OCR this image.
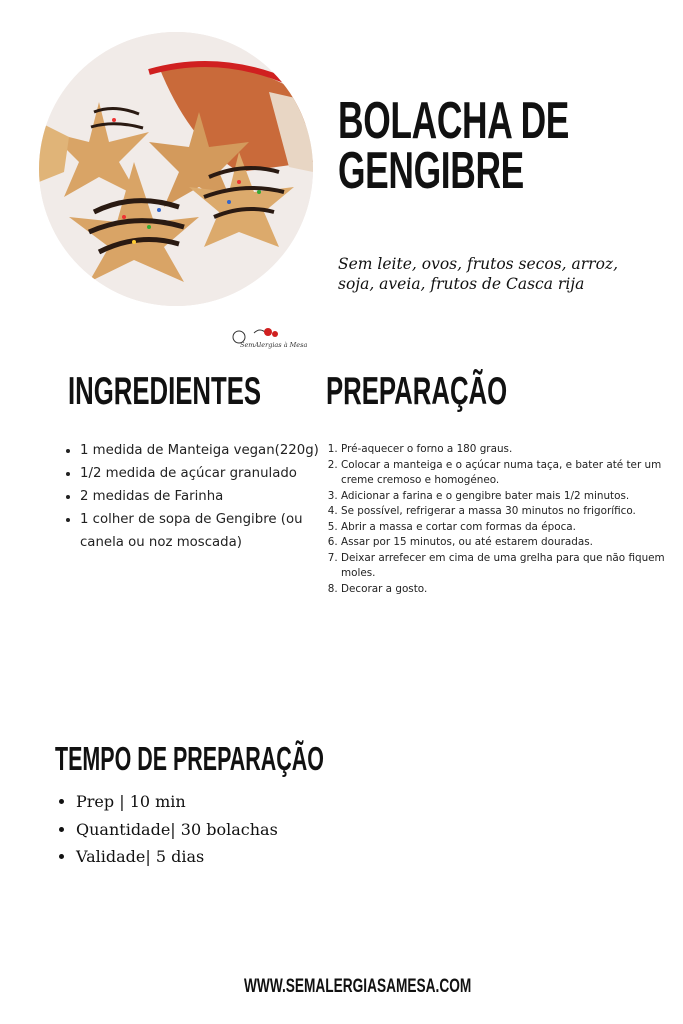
BOLACHA DE
GENGIBRE
Sem leite, ovos, frutos secos, arroz, soja, aveia, frutos de Casca rija
SemAlergias à Mesa
INGREDIENTES
• 1 medida de Manteiga vegan(220g)
• 1/2 medida de açúcar granulado
• 2 medidas de Farinha
• 1 colher de sopa de Gengibre (ou canela ou noz moscada)
PREPARAÇÃO
1. Pré-aquecer o forno a 180 graus.
2. Colocar a manteiga e o açúcar numa taça, e bater até ter um creme cremoso e homogéneo.
3. Adicionar a farina e o gengibre bater mais 1/2 minutos.
4. Se possível, refrigerar a massa 30 minutos no frigorífico.
5. Abrir a massa e cortar com formas da época.
6. Assar por 15 minutos, ou até estarem douradas.
7. Deixar arrefecer em cima de uma grelha para que não fiquem moles.
8. Decorar a gosto.
TEMPO DE PREPARAÇÃO
• Prep | 10 min
• Quantidade| 30 bolachas
• Validade| 5 dias
WWW.SEMALERGIASAMESA.COM
